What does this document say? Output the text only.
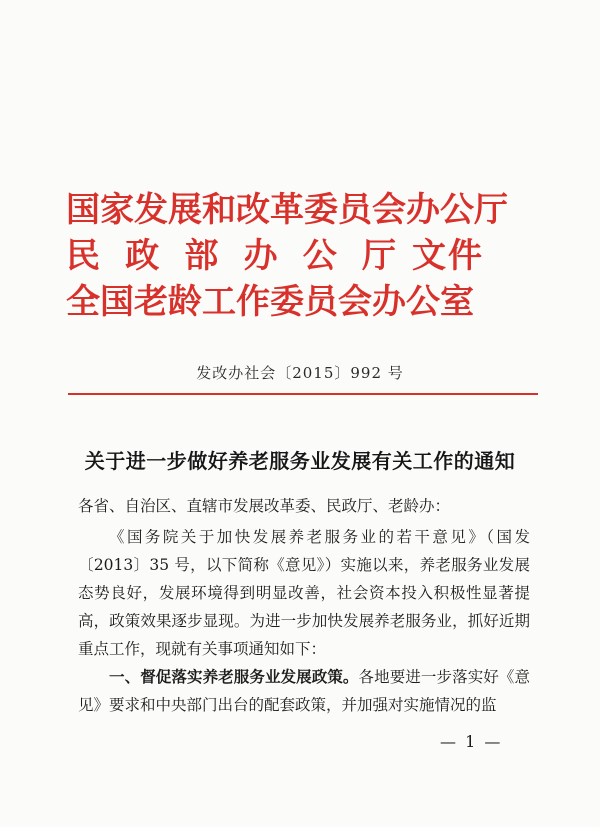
国家发展和改革委员会办公厅
民 政 部 办 公 厅 文件
全国老龄工作委员会办公室
发改办社会〔2015〕992 号
关于进一步做好养老服务业发展有关工作的通知

各省、自治区、直辖市发展改革委、民政厅、老龄办：

《国务院关于加快发展养老服务业的若干意见》（国发〔2013〕35 号，以下简称《意见》）实施以来，养老服务业发展态势良好，发展环境得到明显改善，社会资本投入积极性显著提高，政策效果逐步显现。为进一步加快发展养老服务业，抓好近期重点工作，现就有关事项通知如下：

一、督促落实养老服务业发展政策。各地要进一步落实好《意见》要求和中央部门出台的配套政策，并加强对实施情况的监

— 1 —
